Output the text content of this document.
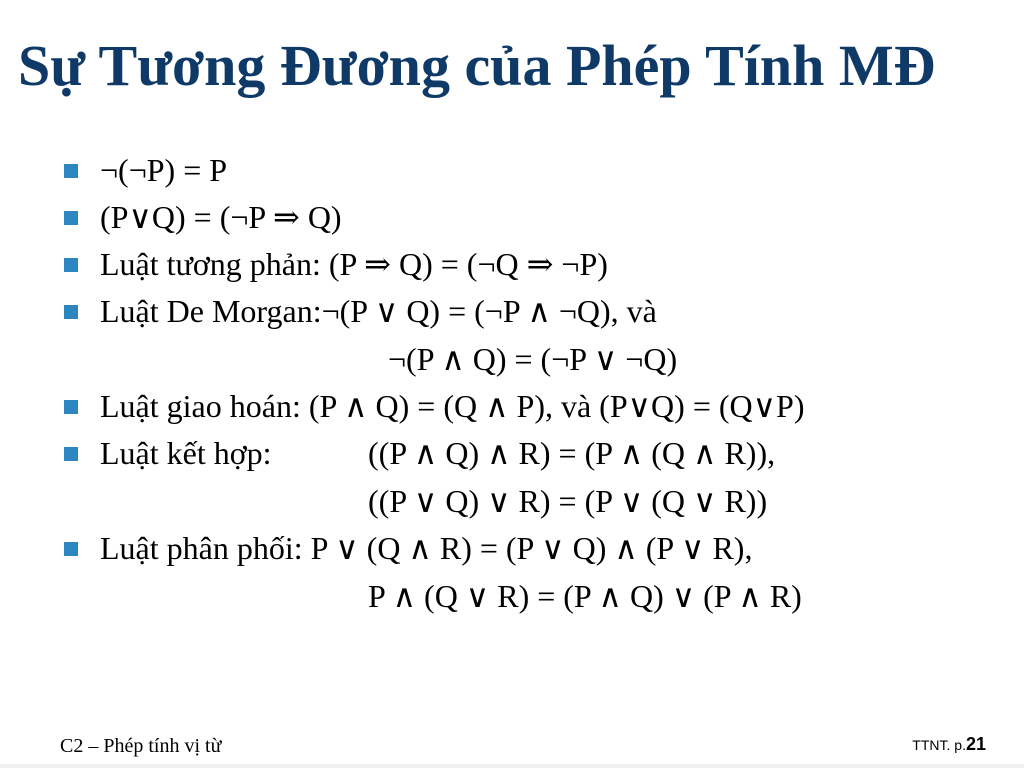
Sự Tương Đương của Phép Tính MĐ
¬(¬P) = P
(P∨Q) = (¬P ⇒ Q)
Luật tương phản: (P ⇒ Q) = (¬Q ⇒ ¬P)
Luật De Morgan:¬(P ∨ Q) = (¬P ∧ ¬Q), và
¬(P ∧ Q) = (¬P ∨ ¬Q)
Luật giao hoán: (P ∧ Q) = (Q ∧ P), và (P∨Q) = (Q∨P)
Luật kết hợp:	((P ∧ Q) ∧ R) = (P ∧ (Q ∧ R)),
((P ∨ Q) ∨ R) = (P ∨ (Q ∨ R))
Luật phân phối: P ∨ (Q ∧ R) = (P ∨ Q) ∧ (P ∨ R),
P ∧ (Q ∨ R) = (P ∧ Q) ∨ (P ∧ R)
C2 – Phép tính vị từ	TTNT. p.21
